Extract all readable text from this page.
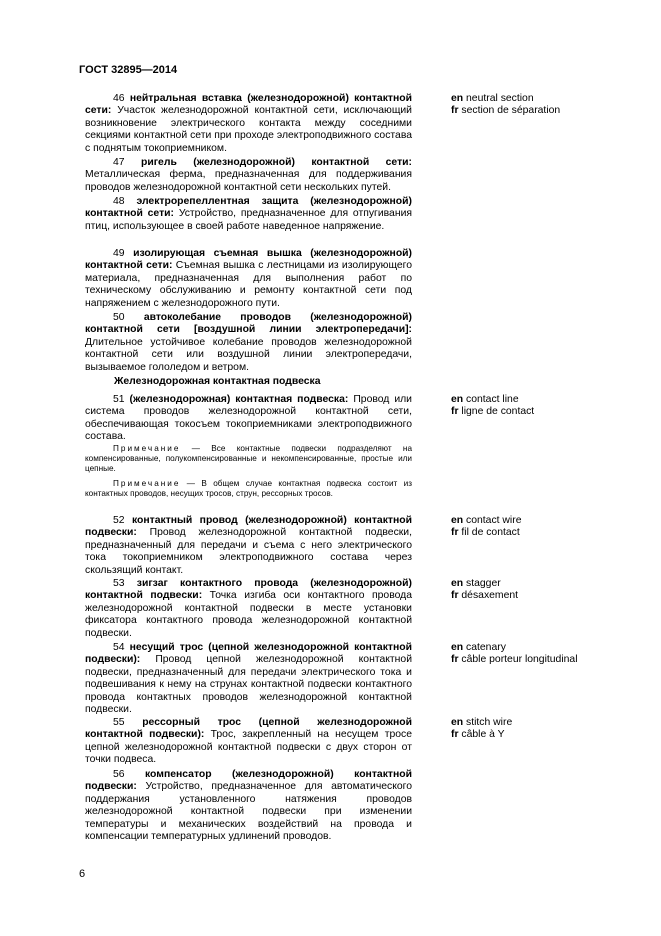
ГОСТ 32895—2014

46 нейтральная вставка (железнодорожной) контактной сети: Участок железнодорожной контактной сети, исключающий возникновение электрического контакта между соседними секциями контактной сети при проходе электроподвижного состава с поднятым токоприемником.

en neutral section

fr section de séparation

47 ригель (железнодорожной) контактной сети: Металлическая ферма, предназначенная для поддерживания проводов железнодорожной контактной сети нескольких путей.

48 электрорепеллентная защита (железнодорожной) контактной сети: Устройство, предназначенное для отпугивания птиц, использующее в своей работе наведенное напряжение.

49 изолирующая съемная вышка (железнодорожной) контактной сети: Съемная вышка с лестницами из изолирующего материала, предназначенная для выполнения работ по техническому обслуживанию и ремонту контактной сети под напряжением с железнодорожного пути.

50 автоколебание проводов (железнодорожной) контактной сети [воздушной линии электропередачи]: Длительное устойчивое колебание проводов железнодорожной контактной сети или воздушной линии электропередачи, вызываемое гололедом и ветром.

Железнодорожная контактная подвеска

51 (железнодорожная) контактная подвеска: Провод или система проводов железнодорожной контактной сети, обеспечивающая токосъем токоприемниками электроподвижного состава.

en contact line

fr ligne de contact

Примечание — Все контактные подвески подразделяют на компенсированные, полукомпенсированные и некомпенсированные, простые или цепные.

Примечание — В общем случае контактная подвеска состоит из контактных проводов, несущих тросов, струн, рессорных тросов.

52 контактный провод (железнодорожной) контактной подвески: Провод железнодорожной контактной подвески, предназначенный для передачи и съема с него электрического тока токоприемником электроподвижного состава через скользящий контакт.

en contact wire

fr fil de contact

53 зигзаг контактного провода (железнодорожной) контактной подвески: Точка изгиба оси контактного провода железнодорожной контактной подвески в месте установки фиксатора контактного провода железнодорожной контактной подвески.

en stagger

fr désaxement

54 несущий трос (цепной железнодорожной контактной подвески): Провод цепной железнодорожной контактной подвески, предназначенный для передачи электрического тока и подвешивания к нему на струнах контактной подвески контактного провода контактных проводов железнодорожной контактной подвески.

en catenary

fr câble porteur longitudinal

55 рессорный трос (цепной железнодорожной контактной подвески): Трос, закрепленный на несущем тросе цепной железнодорожной контактной подвески с двух сторон от точки подвеса.

en stitch wire

fr câble à Y

56 компенсатор (железнодорожной) контактной подвески: Устройство, предназначенное для автоматического поддержания установленного натяжения проводов железнодорожной контактной подвески при изменении температуры и механических воздействий на провода и компенсации температурных удлинений проводов.

6
